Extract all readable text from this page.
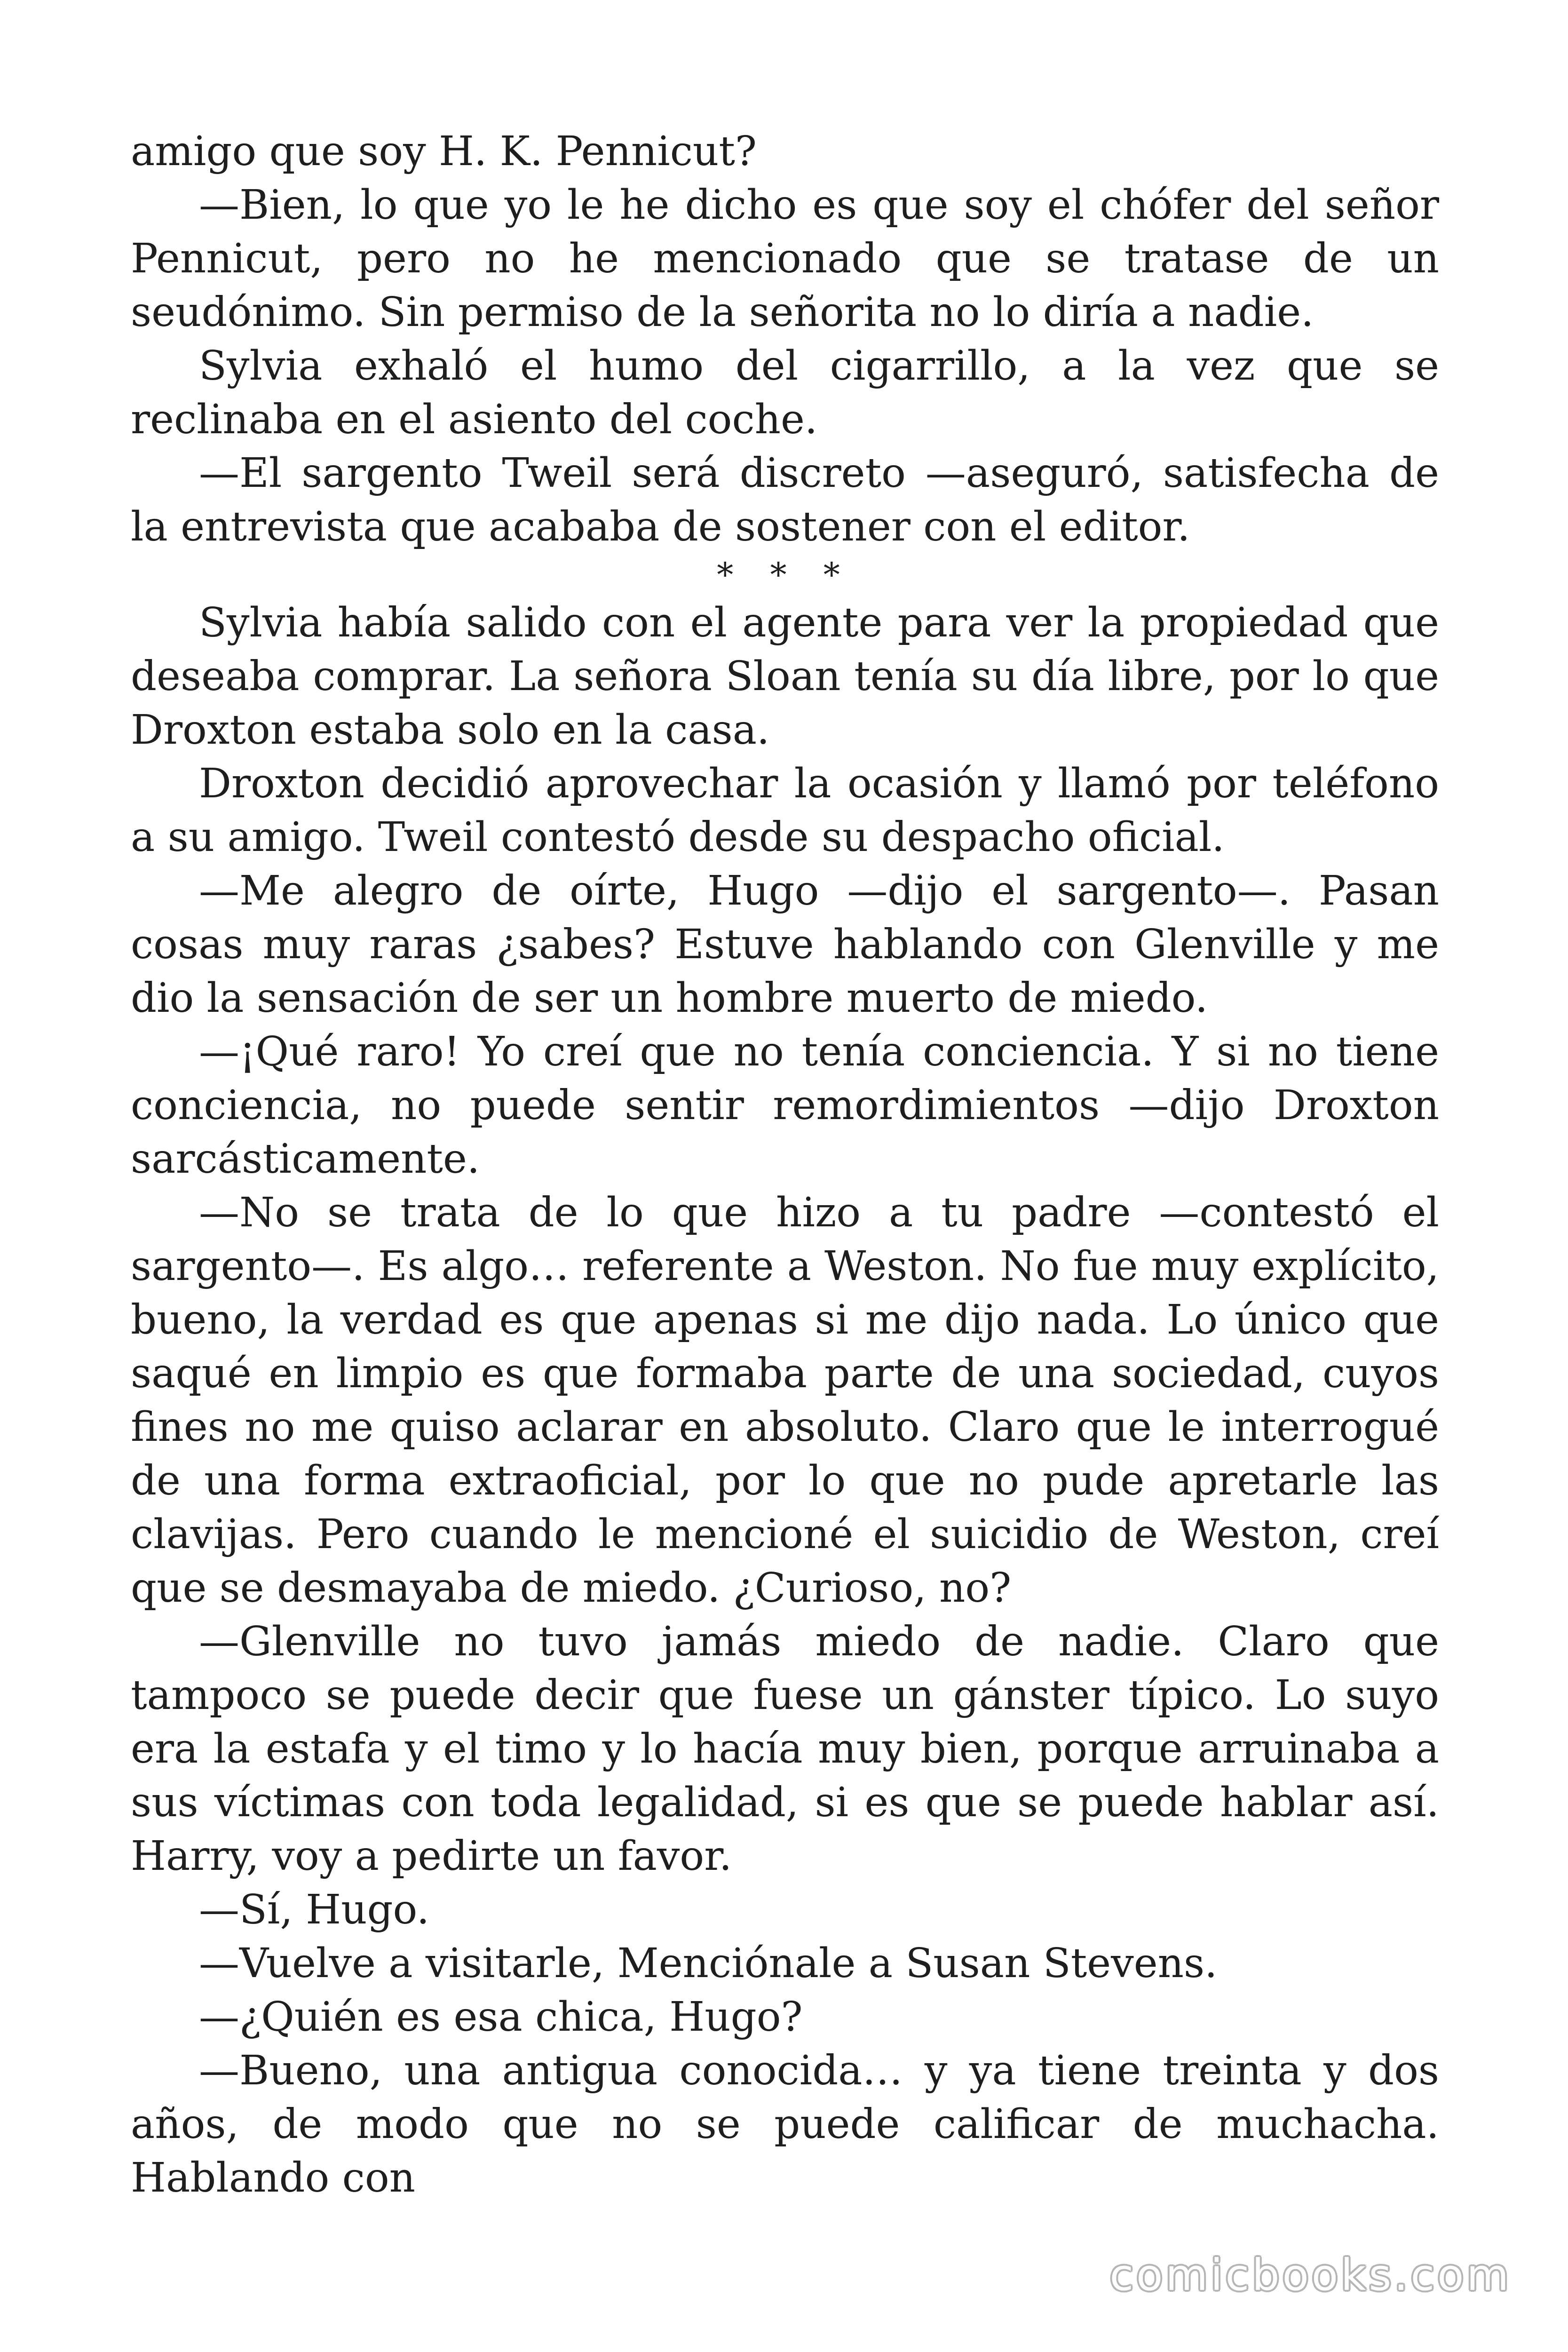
amigo que soy H. K. Pennicut?

—Bien, lo que yo le he dicho es que soy el chófer del señor Pennicut, pero no he mencionado que se tratase de un seudónimo. Sin permiso de la señorita no lo diría a nadie.

Sylvia exhaló el humo del cigarrillo, a la vez que se reclinaba en el asiento del coche.

—El sargento Tweil será discreto —aseguró, satisfecha de la entrevista que acababa de sostener con el editor.

* * *

Sylvia había salido con el agente para ver la propiedad que deseaba comprar. La señora Sloan tenía su día libre, por lo que Droxton estaba solo en la casa.

Droxton decidió aprovechar la ocasión y llamó por teléfono a su amigo. Tweil contestó desde su despacho oficial.

—Me alegro de oírte, Hugo —dijo el sargento—. Pasan cosas muy raras ¿sabes? Estuve hablando con Glenville y me dio la sensación de ser un hombre muerto de miedo.

—¡Qué raro! Yo creí que no tenía conciencia. Y si no tiene conciencia, no puede sentir remordimientos —dijo Droxton sarcásticamente.

—No se trata de lo que hizo a tu padre —contestó el sargento—. Es algo… referente a Weston. No fue muy explícito, bueno, la verdad es que apenas si me dijo nada. Lo único que saqué en limpio es que formaba parte de una sociedad, cuyos fines no me quiso aclarar en absoluto. Claro que le interrogué de una forma extraoficial, por lo que no pude apretarle las clavijas. Pero cuando le mencioné el suicidio de Weston, creí que se desmayaba de miedo. ¿Curioso, no?

—Glenville no tuvo jamás miedo de nadie. Claro que tampoco se puede decir que fuese un gánster típico. Lo suyo era la estafa y el timo y lo hacía muy bien, porque arruinaba a sus víctimas con toda legalidad, si es que se puede hablar así. Harry, voy a pedirte un favor.

—Sí, Hugo.

—Vuelve a visitarle, Menciónale a Susan Stevens.

—¿Quién es esa chica, Hugo?

—Bueno, una antigua conocida… y ya tiene treinta y dos años, de modo que no se puede calificar de muchacha. Hablando con

comicbooks.com
